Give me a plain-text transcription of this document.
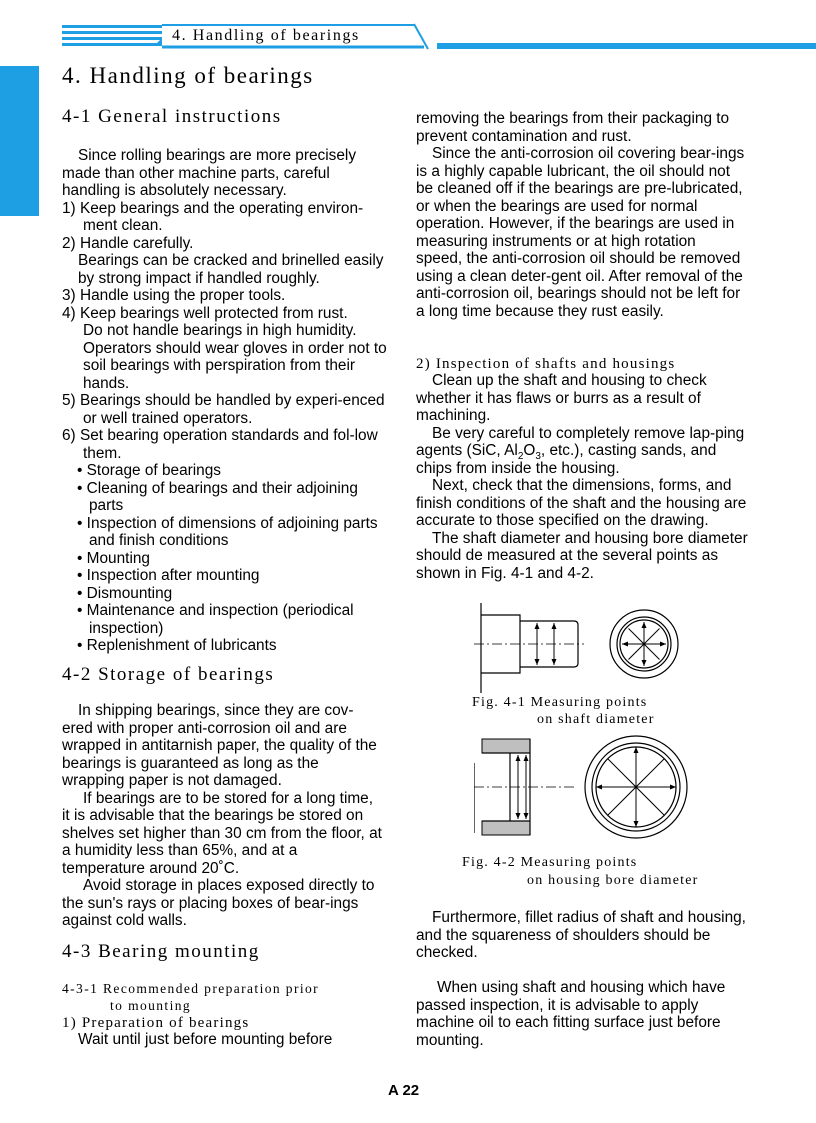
4. Handling of bearings
4. Handling of bearings
4-1 General instructions
Since rolling bearings are more precisely made than other machine parts, careful handling is absolutely necessary.
1) Keep bearings and the operating environ-ment clean.
2) Handle carefully.
Bearings can be cracked and brinelled easily by strong impact if handled roughly.
3) Handle using the proper tools.
4) Keep bearings well protected from rust.
Do not handle bearings in high humidity. Operators should wear gloves in order not to soil bearings with perspiration from their hands.
5) Bearings should be handled by experi-enced or well trained operators.
6) Set bearing operation standards and fol-low them.
• Storage of bearings
• Cleaning of bearings and their adjoining parts
• Inspection of dimensions of adjoining parts and finish conditions
• Mounting
• Inspection after mounting
• Dismounting
• Maintenance and inspection (periodical inspection)
• Replenishment of lubricants
4-2 Storage of bearings
In shipping bearings, since they are cov-ered with proper anti-corrosion oil and are wrapped in antitarnish paper, the quality of the bearings is guaranteed as long as the wrapping paper is not damaged.
If bearings are to be stored for a long time, it is advisable that the bearings be stored on shelves set higher than 30 cm from the floor, at a humidity less than 65%, and at a temperature around 20˚C.
Avoid storage in places exposed directly to the sun's rays or placing boxes of bear-ings against cold walls.
4-3 Bearing mounting
4-3-1 Recommended preparation prior
to mounting
1) Preparation of bearings
Wait until just before mounting before
removing the bearings from their packaging to prevent contamination and rust.
Since the anti-corrosion oil covering bear-ings is a highly capable lubricant, the oil should not be cleaned off if the bearings are pre-lubricated, or when the bearings are used for normal operation. However, if the bearings are used in measuring instruments or at high rotation speed, the anti-corrosion oil should be removed using a clean deter-gent oil. After removal of the anti-corrosion oil, bearings should not be left for a long time because they rust easily.
2) Inspection of shafts and housings
Clean up the shaft and housing to check whether it has flaws or burrs as a result of machining.
Be very careful to completely remove lap-ping agents (SiC, $Al_2O_3$, etc.), casting sands, and chips from inside the housing.
Next, check that the dimensions, forms, and finish conditions of the shaft and the housing are accurate to those specified on the drawing.
The shaft diameter and housing bore diameter should de measured at the several points as shown in Fig. 4-1 and 4-2.
Fig. 4-1 Measuring points
on shaft diameter
Fig. 4-2 Measuring points
on housing bore diameter
Furthermore, fillet radius of shaft and housing, and the squareness of shoulders should be checked.
When using shaft and housing which have passed inspection, it is advisable to apply machine oil to each fitting surface just before mounting.
A 22
